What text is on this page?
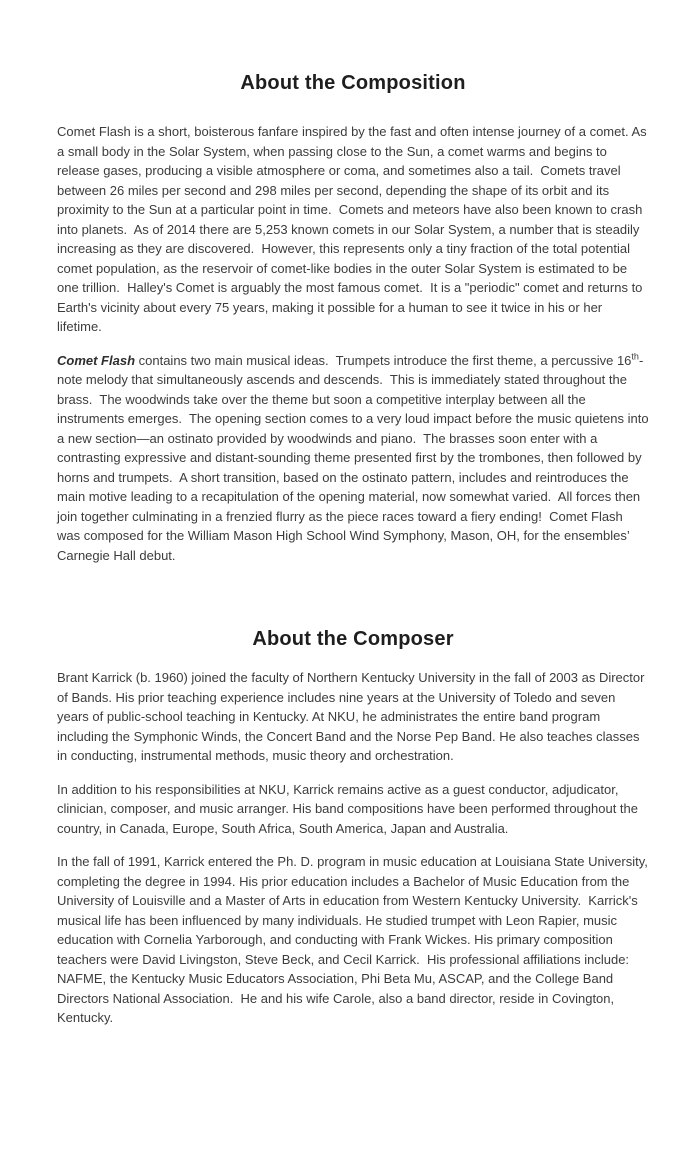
About the Composition

Comet Flash is a short, boisterous fanfare inspired by the fast and often intense journey of a comet. As a small body in the Solar System, when passing close to the Sun, a comet warms and begins to release gases, producing a visible atmosphere or coma, and sometimes also a tail.  Comets travel between 26 miles per second and 298 miles per second, depending the shape of its orbit and its proximity to the Sun at a particular point in time.  Comets and meteors have also been known to crash into planets.  As of 2014 there are 5,253 known comets in our Solar System, a number that is steadily increasing as they are discovered.  However, this represents only a tiny fraction of the total potential comet population, as the reservoir of comet-like bodies in the outer Solar System is estimated to be one trillion.  Halley's Comet is arguably the most famous comet.  It is a "periodic" comet and returns to Earth's vicinity about every 75 years, making it possible for a human to see it twice in his or her lifetime.

Comet Flash contains two main musical ideas.  Trumpets introduce the first theme, a percussive 16th-note melody that simultaneously ascends and descends.  This is immediately stated throughout the brass.  The woodwinds take over the theme but soon a competitive interplay between all the instruments emerges.  The opening section comes to a very loud impact before the music quietens into a new section—an ostinato provided by woodwinds and piano.  The brasses soon enter with a contrasting expressive and distant-sounding theme presented first by the trombones, then followed by horns and trumpets.  A short transition, based on the ostinato pattern, includes and reintroduces the main motive leading to a recapitulation of the opening material, now somewhat varied.  All forces then join together culminating in a frenzied flurry as the piece races toward a fiery ending!  Comet Flash was composed for the William Mason High School Wind Symphony, Mason, OH, for the ensembles’ Carnegie Hall debut.

About the Composer

Brant Karrick (b. 1960) joined the faculty of Northern Kentucky University in the fall of 2003 as Director of Bands. His prior teaching experience includes nine years at the University of Toledo and seven years of public-school teaching in Kentucky. At NKU, he administrates the entire band program including the Symphonic Winds, the Concert Band and the Norse Pep Band. He also teaches classes in conducting, instrumental methods, music theory and orchestration.

In addition to his responsibilities at NKU, Karrick remains active as a guest conductor, adjudicator, clinician, composer, and music arranger. His band compositions have been performed throughout the country, in Canada, Europe, South Africa, South America, Japan and Australia.

In the fall of 1991, Karrick entered the Ph. D. program in music education at Louisiana State University, completing the degree in 1994. His prior education includes a Bachelor of Music Education from the University of Louisville and a Master of Arts in education from Western Kentucky University.  Karrick's musical life has been influenced by many individuals. He studied trumpet with Leon Rapier, music education with Cornelia Yarborough, and conducting with Frank Wickes. His primary composition teachers were David Livingston, Steve Beck, and Cecil Karrick.  His professional affiliations include: NAFME, the Kentucky Music Educators Association, Phi Beta Mu, ASCAP, and the College Band Directors National Association.  He and his wife Carole, also a band director, reside in Covington, Kentucky.
